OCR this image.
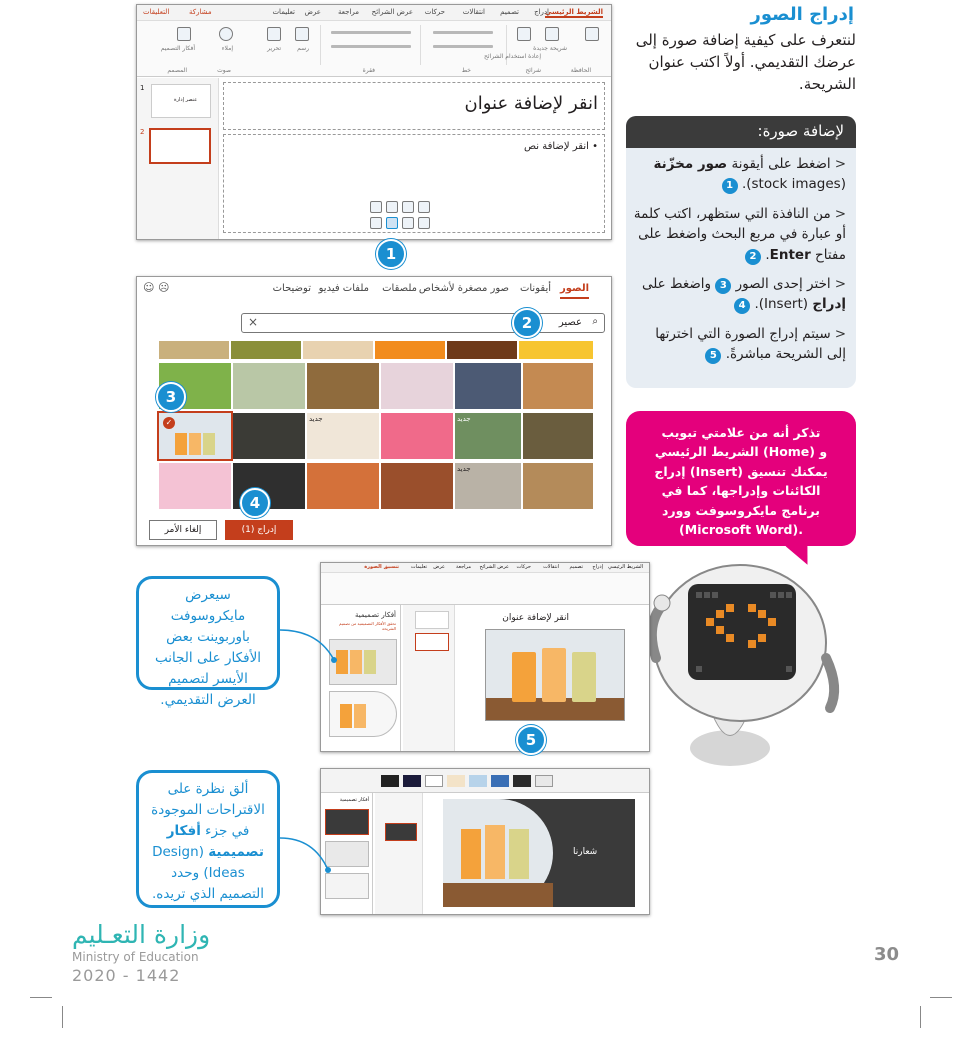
إدراج الصور
لنتعرف على كيفية إضافة صورة إلى عرضك التقديمي. أولاً اكتب عنوان الشريحة.
لإضافة صورة:
<اضغط على أيقونة صور مخزّنة (stock images). 1
<من النافذة التي ستظهر، اكتب كلمة أو عبارة في مربع البحث واضغط على مفتاح Enter. 2
<اختر إحدى الصور 3 واضغط على إدراج (Insert). 4
<سيتم إدراج الصورة التي اخترتها إلى الشريحة مباشرةً. 5
تذكر أنه من علامتي تبويب الشريط الرئيسي (Home) و إدراج (Insert) يمكنك تنسيق الكائنات وإدراجها، كما في برنامج مايكروسوفت وورد (Microsoft Word).
الشريط الرئيسي
إدراج
تصميم
انتقالات
حركات
عرض الشرائح
مراجعة
عرض
تعليمات
مشاركة
التعليقات
الحافظة
شرائح
خط
فقرة
صوت
المصمم
شريحة جديدة
إعادة استخدام الشرائح
رسم
تحرير
إملاء
أفكار التصميم
1
عنصر إدارة
2
انقر لإضافة عنوان
• انقر لإضافة نص
1
الصور
أيقونات
صور مصغرة لأشخاص
ملصقات
ملفات فيديو
توضيحات
☺ ☹
×	⌕
عصير
✓	جديد	جديد
جديد
إدراج (1)
إلغاء الأمر
2
3
4
الشريط الرئيسي
إدراج
تصميم
انتقالات
حركات
عرض الشرائح
مراجعة
عرض
تعليمات
تنسيق الصورة
أفكار تصميمية
تحقق الأفكار التصميمية من تصميم الشريحة
انقر لإضافة عنوان
5
أفكار تصميمية
شعارنا
سيعرض مايكروسوفت باوربوينت بعض الأفكار على الجانب الأيسر لتصميم العرض التقديمي.
ألق نظرة على الاقتراحات الموجودة في جزء أفكار تصميمية (Design Ideas) وحدد التصميم الذي تريده.
وزارة التعـليم
Ministry of Education
2020 - 1442
30
